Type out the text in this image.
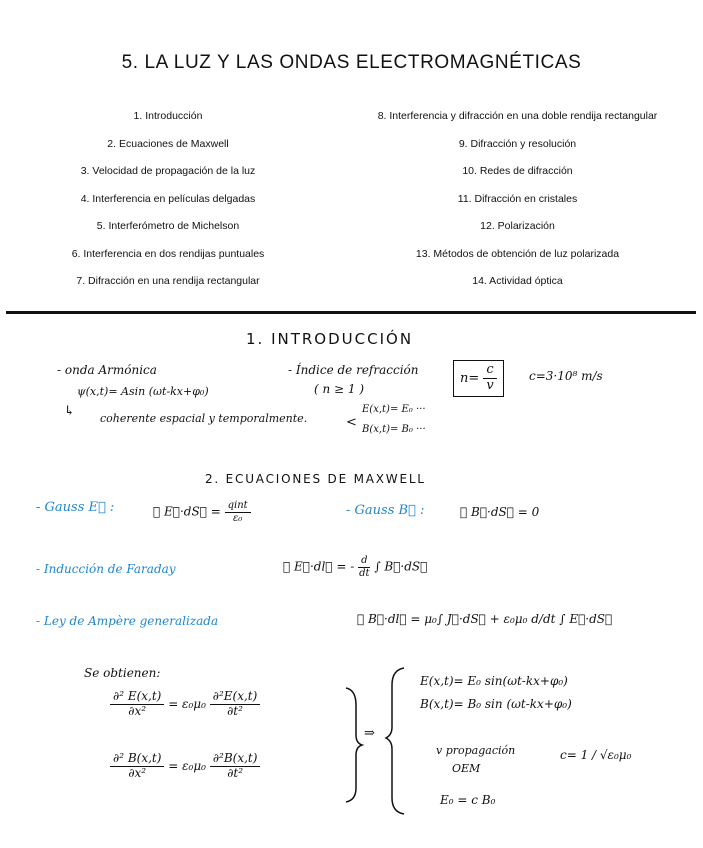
5. LA LUZ Y LAS ONDAS ELECTROMAGNÉTICAS
1. Introducción
2. Ecuaciones de Maxwell
3. Velocidad de propagación de la luz
4. Interferencia en películas delgadas
5. Interferómetro de Michelson
6. Interferencia en dos rendijas puntuales
7. Difracción en una rendija rectangular
8. Interferencia y difracción en una doble rendija rectangular
9. Difracción y resolución
10. Redes de difracción
11. Difracción en cristales
12. Polarización
13. Métodos de obtención de luz polarizada
14. Actividad óptica
1. INTRODUCCIÓN
- onda Armónica
ψ(x,t)= Asin (ωt-kx+φ₀)
↳ coherente espacial y temporalmente.
- Índice de refracción
( n ≥ 1 )
$n= \frac{c}{v}$	c=3·10⁸ m/s
<
E(x,t)= E₀ ···
B(x,t)= B₀ ···
2. ECUACIONES DE MAXWELL
- Gauss E⃗ :	∮ E⃗·dS⃗ = $\frac{\text{qint}}{\text{ε₀}}$	- Gauss B⃗ :	∮ B⃗·dS⃗ = 0
- Inducción de Faraday	∮ E⃗·dl⃗ = - $\frac{d}{dt}$ ∫ B⃗·dS⃗
- Ley de Ampère generalizada	∮ B⃗·dl⃗ = μ₀∫ J⃗·dS⃗ + ε₀μ₀ d/dt ∫ E⃗·dS⃗
Se obtienen:
$\frac{\text{∂² E(x,t)}}{\text{∂x²}} = \varepsilon_0\mu_0 \frac{\text{∂²E(x,t)}}{\text{∂t²}}$
$\frac{\text{∂² B(x,t)}}{\text{∂x²}} = \varepsilon_0\mu_0 \frac{\text{∂²B(x,t)}}{\text{∂t²}}$
⇒
E(x,t)= E₀ sin(ωt-kx+φ₀)
B(x,t)= B₀ sin (ωt-kx+φ₀)
v propagación
OEM
c= 1 / √ε₀μ₀
E₀ = c B₀
